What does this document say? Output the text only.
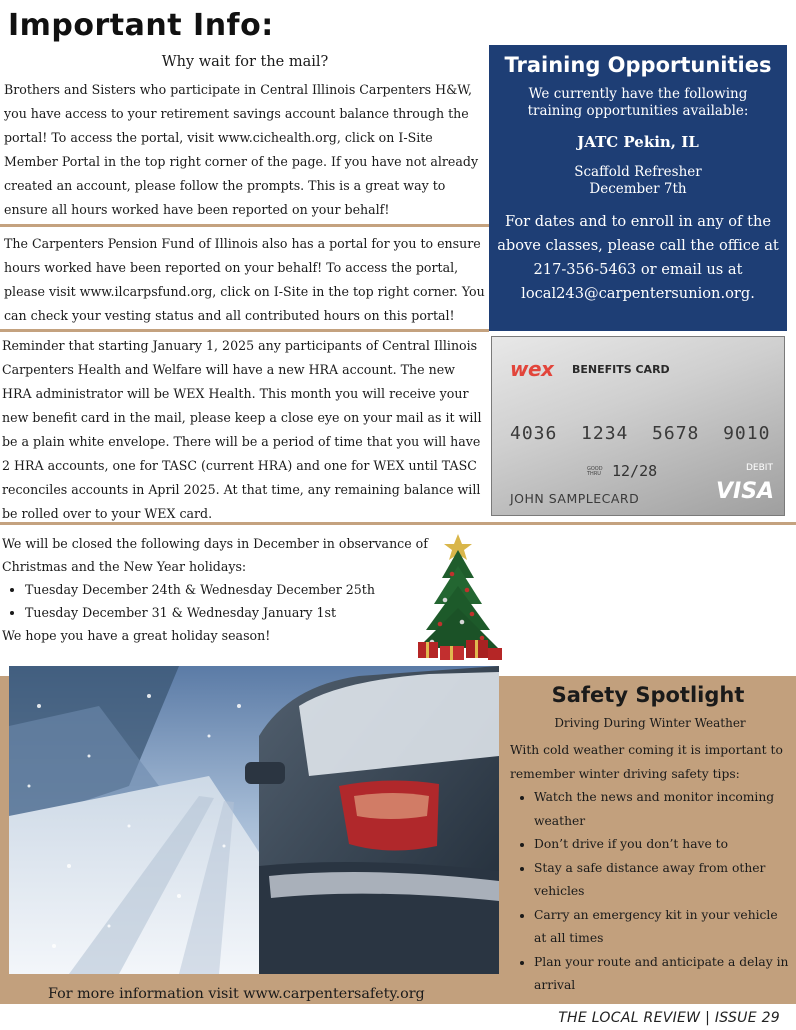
Important Info:
Why wait for the mail?
Brothers and Sisters who participate in Central Illinois Carpenters H&W, you have access to your retirement savings account balance through the portal! To access the portal, visit www.cichealth.org, click on I-Site Member Portal in the top right corner of the page. If you have not already created an account, please follow the prompts. This is a great way to ensure all hours worked have been reported on your behalf!
The Carpenters Pension Fund of Illinois also has a portal for you to ensure hours worked have been reported on your behalf! To access the portal, please visit www.ilcarpsfund.org, click on I-Site in the top right corner. You can check your vesting status and all contributed hours on this portal!
Training Opportunities
We currently have the following training opportunities available:
JATC Pekin, IL
Scaffold Refresher
December 7th
For dates and to enroll in any of the above classes, please call the office at 217-356-5463 or email us at local243@carpentersunion.org.
Reminder that starting January 1, 2025 any participants of Central Illinois Carpenters Health and Welfare will have a new HRA account. The new HRA administrator will be WEX Health. This month you will receive your new benefit card in the mail, please keep a close eye on your mail as it will be a plain white envelope. There will be a period of time that you will have 2 HRA accounts, one for TASC (current HRA) and one for WEX until TASC reconciles accounts in April 2025. At that time, any remaining balance will be rolled over to your WEX card.
wex BENEFITS CARD
4036  1234  5678  9010
GOOD THRU 12/28	DEBIT
JOHN SAMPLECARD	VISA
We will be closed the following days in December in observance of Christmas and the New Year holidays:
• Tuesday December 24th & Wednesday December 25th
• Tuesday December 31 & Wednesday January 1st
We hope you have a great holiday season!
For more information visit www.carpentersafety.org
Safety Spotlight
Driving During Winter Weather
With cold weather coming it is important to remember winter driving safety tips:
• Watch the news and monitor incoming weather
• Don’t drive if you don’t have to
• Stay a safe distance away from other vehicles
• Carry an emergency kit in your vehicle at all times
• Plan your route and anticipate a delay in arrival
THE LOCAL REVIEW | ISSUE 29
